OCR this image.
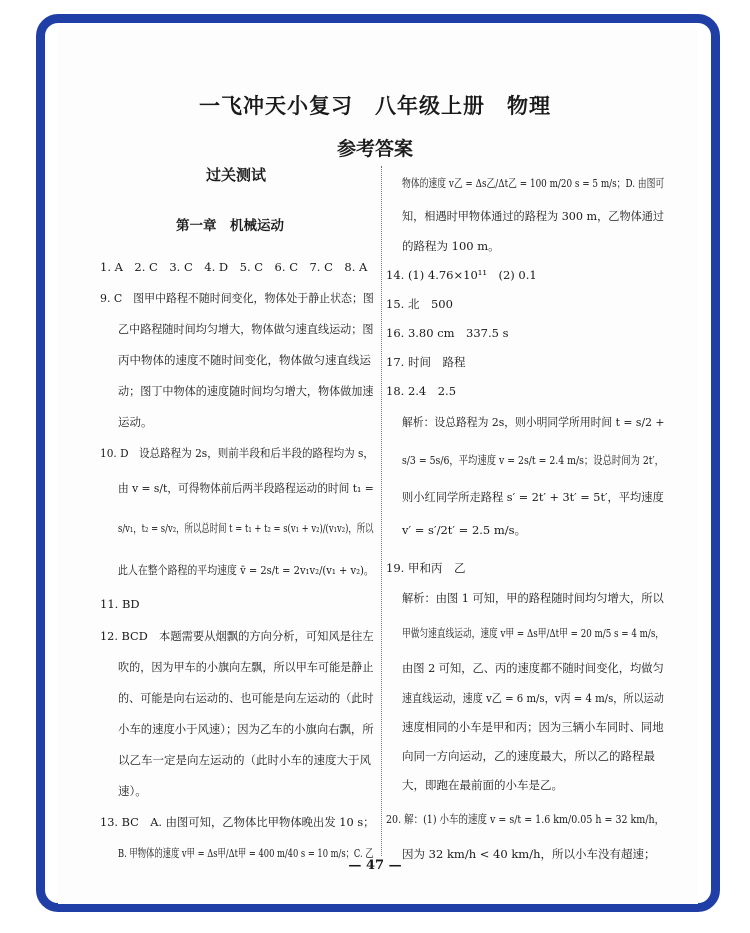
一飞冲天小复习　八年级上册　物理
参考答案
过关测试
第一章　机械运动
1. A　2. C　3. C　4. D　5. C　6. C　7. C　8. A
9. C　图甲中路程不随时间变化，物体处于静止状态；图
乙中路程随时间均匀增大，物体做匀速直线运动；图
丙中物体的速度不随时间变化，物体做匀速直线运
动；图丁中物体的速度随时间均匀增大，物体做加速
运动。
10. D　设总路程为 2s，则前半段和后半段的路程均为 s，
由 v = s/t，可得物体前后两半段路程运动的时间 t₁ =
s/v₁，t₂ = s/v₂，所以总时间 t = t₁ + t₂ = s(v₁ + v₂)/(v₁v₂)，所以
此人在整个路程的平均速度 v̄ = 2s/t = 2v₁v₂/(v₁ + v₂)。
11. BD
12. BCD　本题需要从烟飘的方向分析，可知风是往左
吹的，因为甲车的小旗向左飘，所以甲车可能是静止
的、可能是向右运动的、也可能是向左运动的（此时
小车的速度小于风速）；因为乙车的小旗向右飘，所
以乙车一定是向左运动的（此时小车的速度大于风
速）。
13. BC　A. 由图可知，乙物体比甲物体晚出发 10 s；
B. 甲物体的速度 v甲 = Δs甲/Δt甲 = 400 m/40 s = 10 m/s；C. 乙
物体的速度 v乙 = Δs乙/Δt乙 = 100 m/20 s = 5 m/s；D. 由图可
知，相遇时甲物体通过的路程为 300 m，乙物体通过
的路程为 100 m。
14. (1) 4.76×10¹¹　(2) 0.1
15. 北　500
16. 3.80 cm　337.5 s
17. 时间　路程
18. 2.4　2.5
解析：设总路程为 2s，则小明同学所用时间 t = s/2 +
s/3 = 5s/6，平均速度 v = 2s/t = 2.4 m/s；设总时间为 2t′，
则小红同学所走路程 s′ = 2t′ + 3t′ = 5t′，平均速度
v′ = s′/2t′ = 2.5 m/s。
19. 甲和丙　乙
解析：由图 1 可知，甲的路程随时间均匀增大，所以
甲做匀速直线运动，速度 v甲 = Δs甲/Δt甲 = 20 m/5 s = 4 m/s，
由图 2 可知，乙、丙的速度都不随时间变化，均做匀
速直线运动，速度 v乙 = 6 m/s，v丙 = 4 m/s，所以运动
速度相同的小车是甲和丙；因为三辆小车同时、同地
向同一方向运动，乙的速度最大，所以乙的路程最
大，即跑在最前面的小车是乙。
20. 解：(1) 小车的速度 v = s/t = 1.6 km/0.05 h = 32 km/h，
因为 32 km/h < 40 km/h，所以小车没有超速；
— 47 —
